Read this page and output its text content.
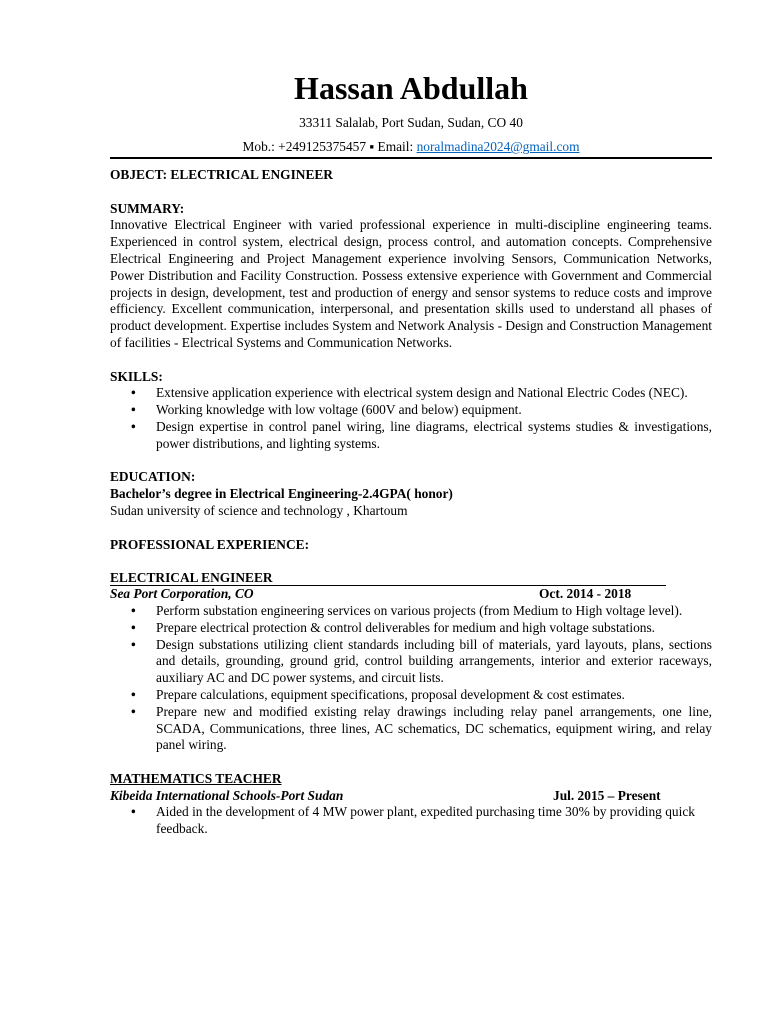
Hassan Abdullah
33311 Salalab, Port Sudan, Sudan, CO 40
Mob.: +249125375457 ▪ Email: noralmadina2024@gmail.com
OBJECT: ELECTRICAL ENGINEER
SUMMARY:
Innovative Electrical Engineer with varied professional experience in multi-discipline engineering teams. Experienced in control system, electrical design, process control, and automation concepts. Comprehensive Electrical Engineering and Project Management experience involving Sensors, Communication Networks, Power Distribution and Facility Construction. Possess extensive experience with Government and Commercial projects in design, development, test and production of energy and sensor systems to reduce costs and improve efficiency. Excellent communication, interpersonal, and presentation skills used to understand all phases of product development. Expertise includes System and Network Analysis - Design and Construction Management of facilities - Electrical Systems and Communication Networks.
SKILLS:
• Extensive application experience with electrical system design and National Electric Codes (NEC).
• Working knowledge with low voltage (600V and below) equipment.
• Design expertise in control panel wiring, line diagrams, electrical systems studies & investigations, power distributions, and lighting systems.
EDUCATION:
Bachelor’s degree in Electrical Engineering-2.4GPA( honor)
Sudan university of science and technology , Khartoum
PROFESSIONAL EXPERIENCE:
ELECTRICAL ENGINEER
Sea Port Corporation, CO	Oct. 2014 - 2018
• Perform substation engineering services on various projects (from Medium to High voltage level).
• Prepare electrical protection & control deliverables for medium and high voltage substations.
• Design substations utilizing client standards including bill of materials, yard layouts, plans, sections and details, grounding, ground grid, control building arrangements, interior and exterior raceways, auxiliary AC and DC power systems, and circuit lists.
• Prepare calculations, equipment specifications, proposal development & cost estimates.
• Prepare new and modified existing relay drawings including relay panel arrangements, one line, SCADA, Communications, three lines, AC schematics, DC schematics, equipment wiring, and relay panel wiring.
MATHEMATICS TEACHER
Kibeida International Schools-Port Sudan	Jul. 2015 – Present
• Aided in the development of 4 MW power plant, expedited purchasing time 30% by providing quick feedback.
